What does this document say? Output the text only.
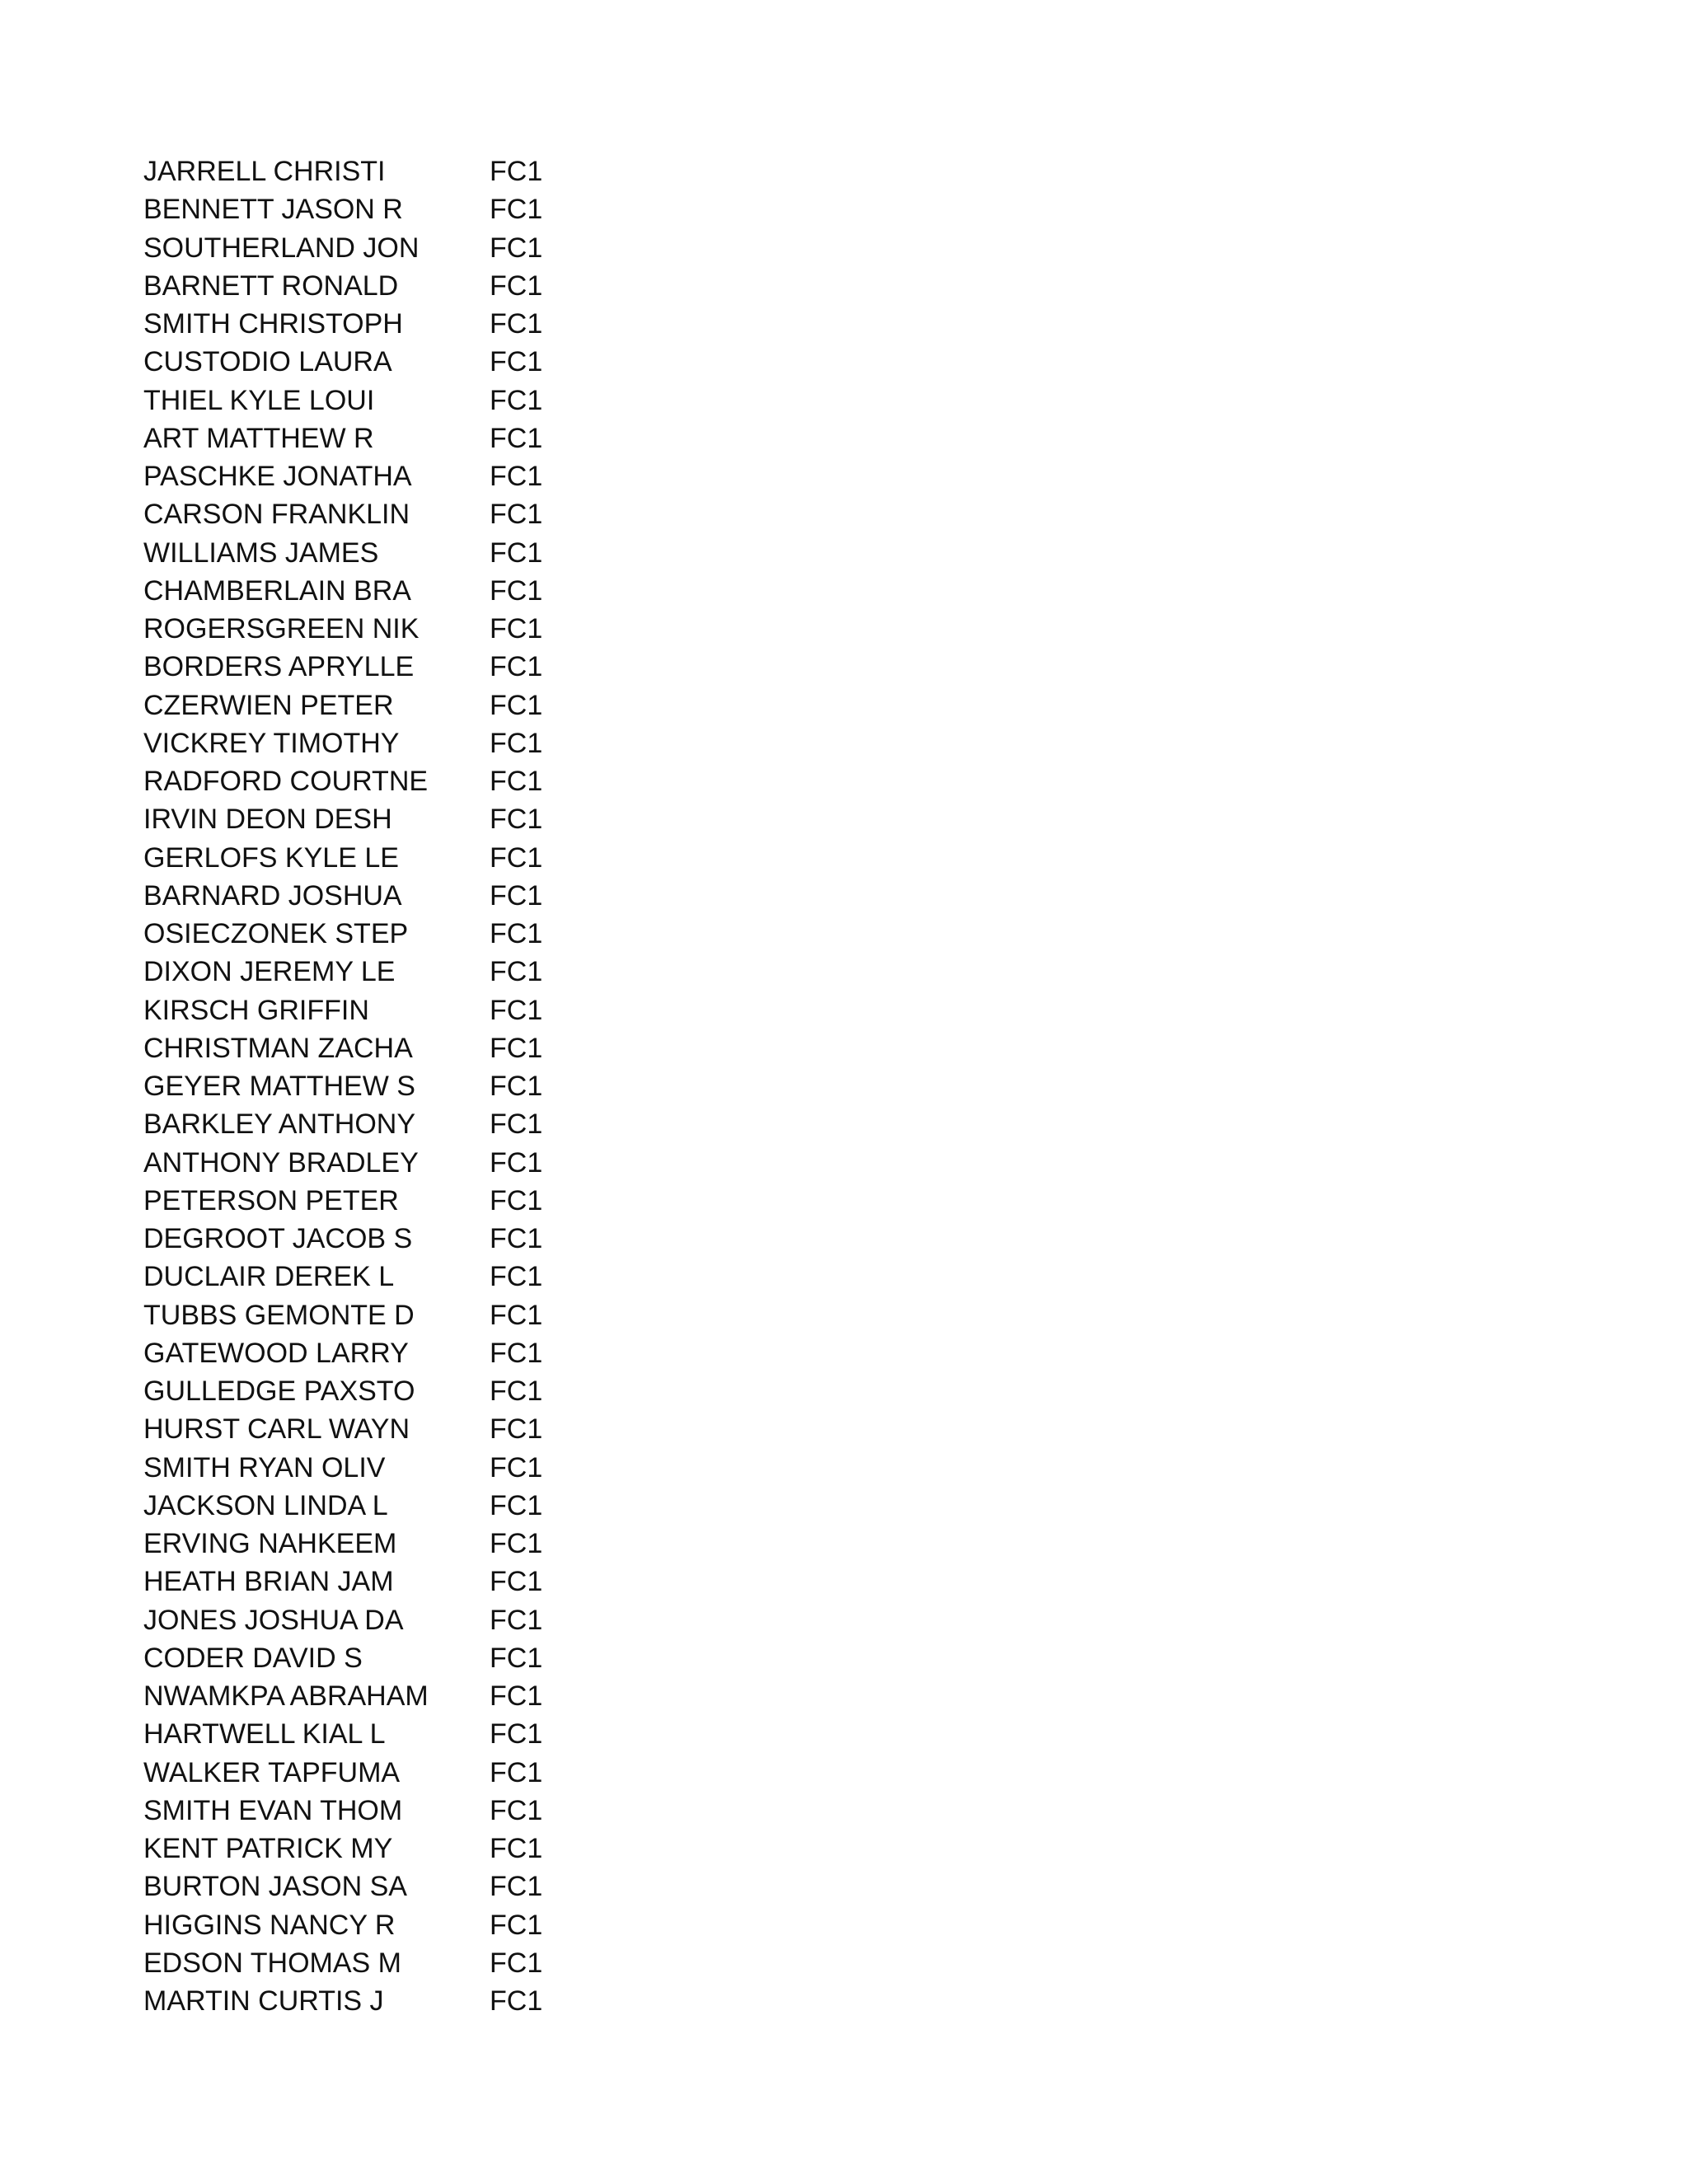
JARRELL CHRISTI	FC1
BENNETT JASON R	FC1
SOUTHERLAND JON	FC1
BARNETT RONALD	FC1
SMITH CHRISTOPH	FC1
CUSTODIO LAURA	FC1
THIEL KYLE LOUI	FC1
ART MATTHEW R	FC1
PASCHKE JONATHA	FC1
CARSON FRANKLIN	FC1
WILLIAMS JAMES	FC1
CHAMBERLAIN BRA	FC1
ROGERSGREEN NIK	FC1
BORDERS APRYLLE	FC1
CZERWIEN PETER	FC1
VICKREY TIMOTHY	FC1
RADFORD COURTNE	FC1
IRVIN DEON DESH	FC1
GERLOFS KYLE LE	FC1
BARNARD JOSHUA	FC1
OSIECZONEK STEP	FC1
DIXON JEREMY LE	FC1
KIRSCH GRIFFIN	FC1
CHRISTMAN ZACHA	FC1
GEYER MATTHEW S	FC1
BARKLEY ANTHONY	FC1
ANTHONY BRADLEY	FC1
PETERSON PETER	FC1
DEGROOT JACOB S	FC1
DUCLAIR DEREK L	FC1
TUBBS GEMONTE D	FC1
GATEWOOD LARRY	FC1
GULLEDGE PAXSTO	FC1
HURST CARL WAYN	FC1
SMITH RYAN OLIV	FC1
JACKSON LINDA L	FC1
ERVING NAHKEEM	FC1
HEATH BRIAN JAM	FC1
JONES JOSHUA DA	FC1
CODER DAVID S	FC1
NWAMKPA ABRAHAM	FC1
HARTWELL KIAL L	FC1
WALKER TAPFUMA	FC1
SMITH EVAN THOM	FC1
KENT PATRICK MY	FC1
BURTON JASON SA	FC1
HIGGINS NANCY R	FC1
EDSON THOMAS M	FC1
MARTIN CURTIS J	FC1
